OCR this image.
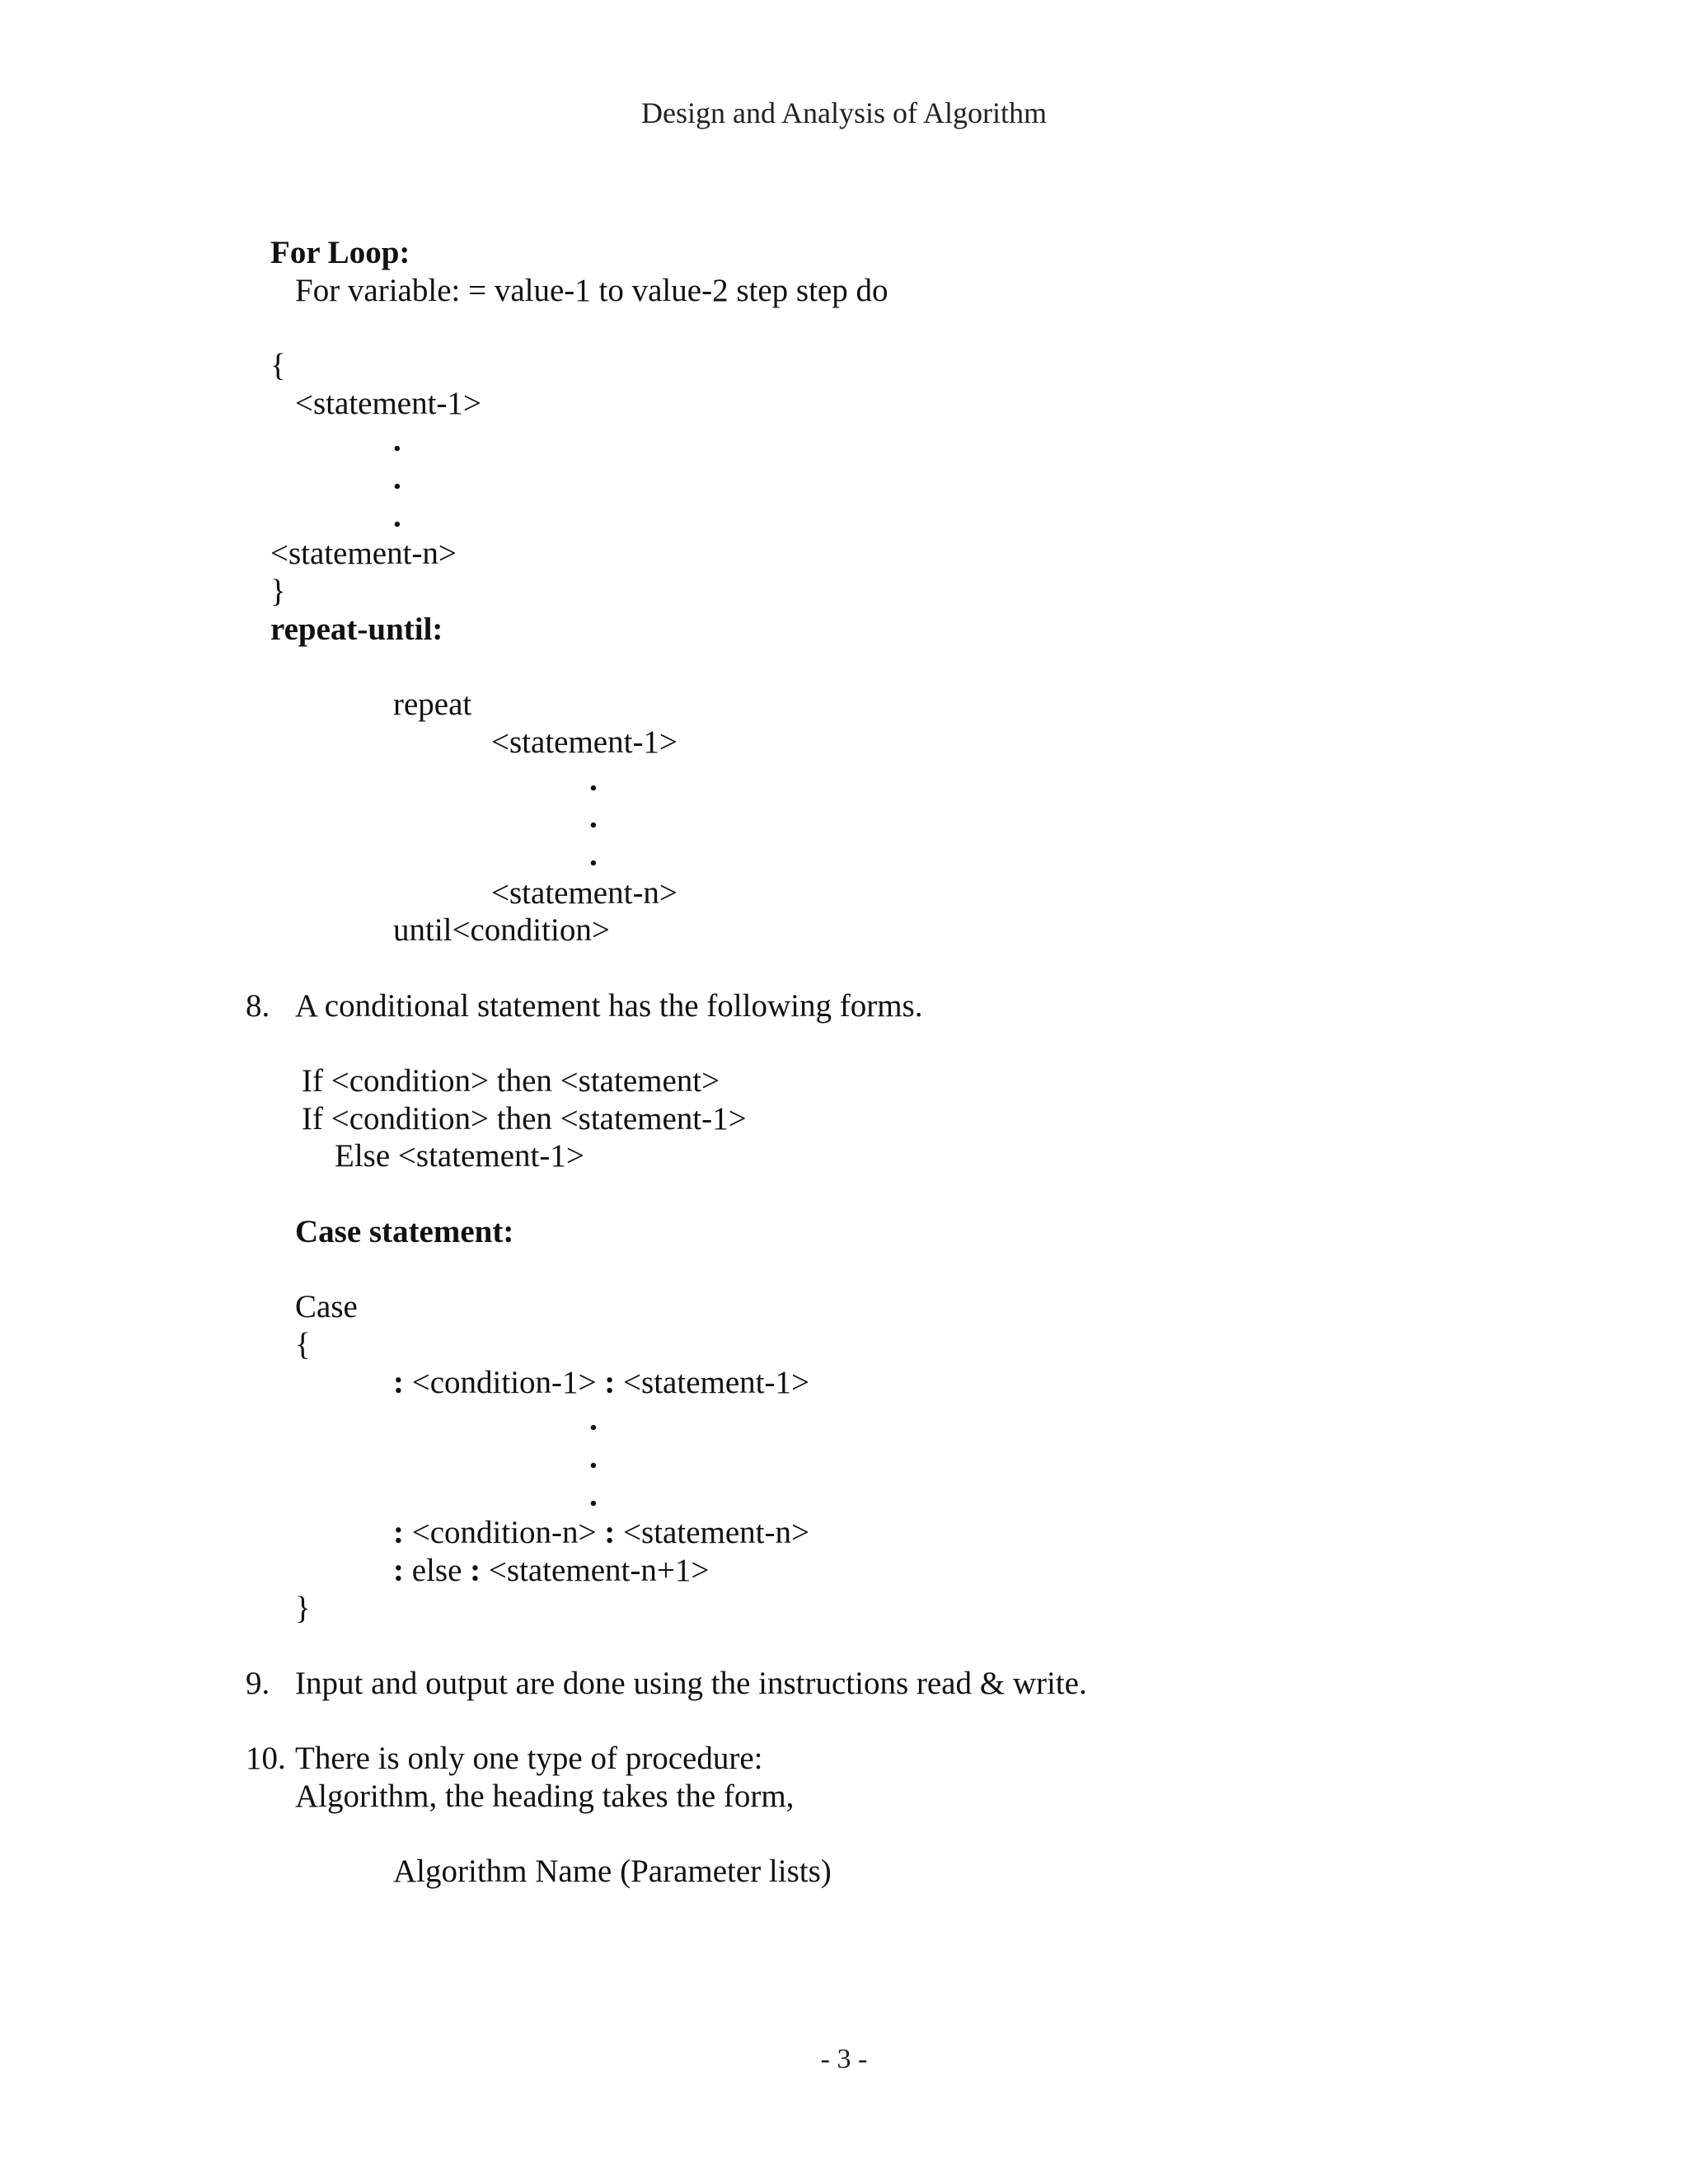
Design and Analysis of Algorithm
For Loop:
For variable: = value-1 to value-2 step step do
{
<statement-1>
.
.
.
<statement-n>
}
repeat-until:
repeat
<statement-1>
.
.
.
<statement-n>
until<condition>
8. A conditional statement has the following forms.
If <condition> then <statement>
If <condition> then <statement-1>
Else <statement-1>
Case statement:
Case
{
: <condition-1> : <statement-1>
.
.
.
: <condition-n> : <statement-n>
: else : <statement-n+1>
}
9. Input and output are done using the instructions read & write.
10. There is only one type of procedure:
Algorithm, the heading takes the form,
Algorithm Name (Parameter lists)
- 3 -
